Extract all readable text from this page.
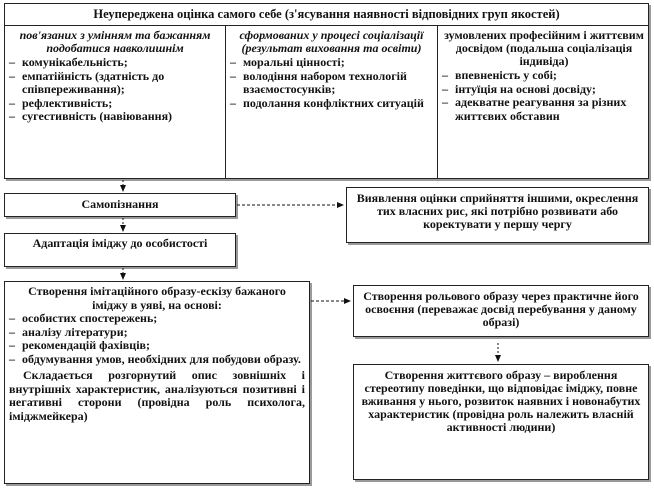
Неупереджена оцінка самого себе (з'ясування наявності відповідних груп якостей)
пов'язаних з умінням та бажанням подобатися навколишнім
– комунікабельність;
– емпатійність (здатність до співпереживання);
– рефлективність;
– сугестивність (навіювання)
сформованих у процесі соціалізації (результат виховання та освіти)
– моральні цінності;
– володіння набором технологій взаємостосунків;
– подолання конфліктних ситуацій
зумовлених професійним і життєвим досвідом (подальша соціалізація індивіда)
– впевненість у собі;
– інтуїція на основі досвіду;
– адекватне реагування за різних життєвих обставин
Самопізнання	Виявлення оцінки сприйняття іншими, окреслення тих власних рис, які потрібно розвивати або коректувати у першу чергу
Адаптація іміджу до особистості
Створення імітаційного образу-ескізу бажаного іміджу в уяві, на основі:
– особистих спостережень;
– аналізу літератури;
– рекомендацій фахівців;
– обдумування умов, необхідних для побудови образу.
Складається розгорнутий опис зовнішніх і внутрішніх характеристик, аналізуються позитивні і негативні сторони (провідна роль психолога, іміджмейкера)
Створення рольового образу через практичне його освоєння (переважає досвід перебування у даному образі)
Створення життєвого образу – вироблення стереотипу поведінки, що відповідає іміджу, повне вживання у нього, розвиток наявних і новонабутих характеристик (провідна роль належить власній активності людини)
